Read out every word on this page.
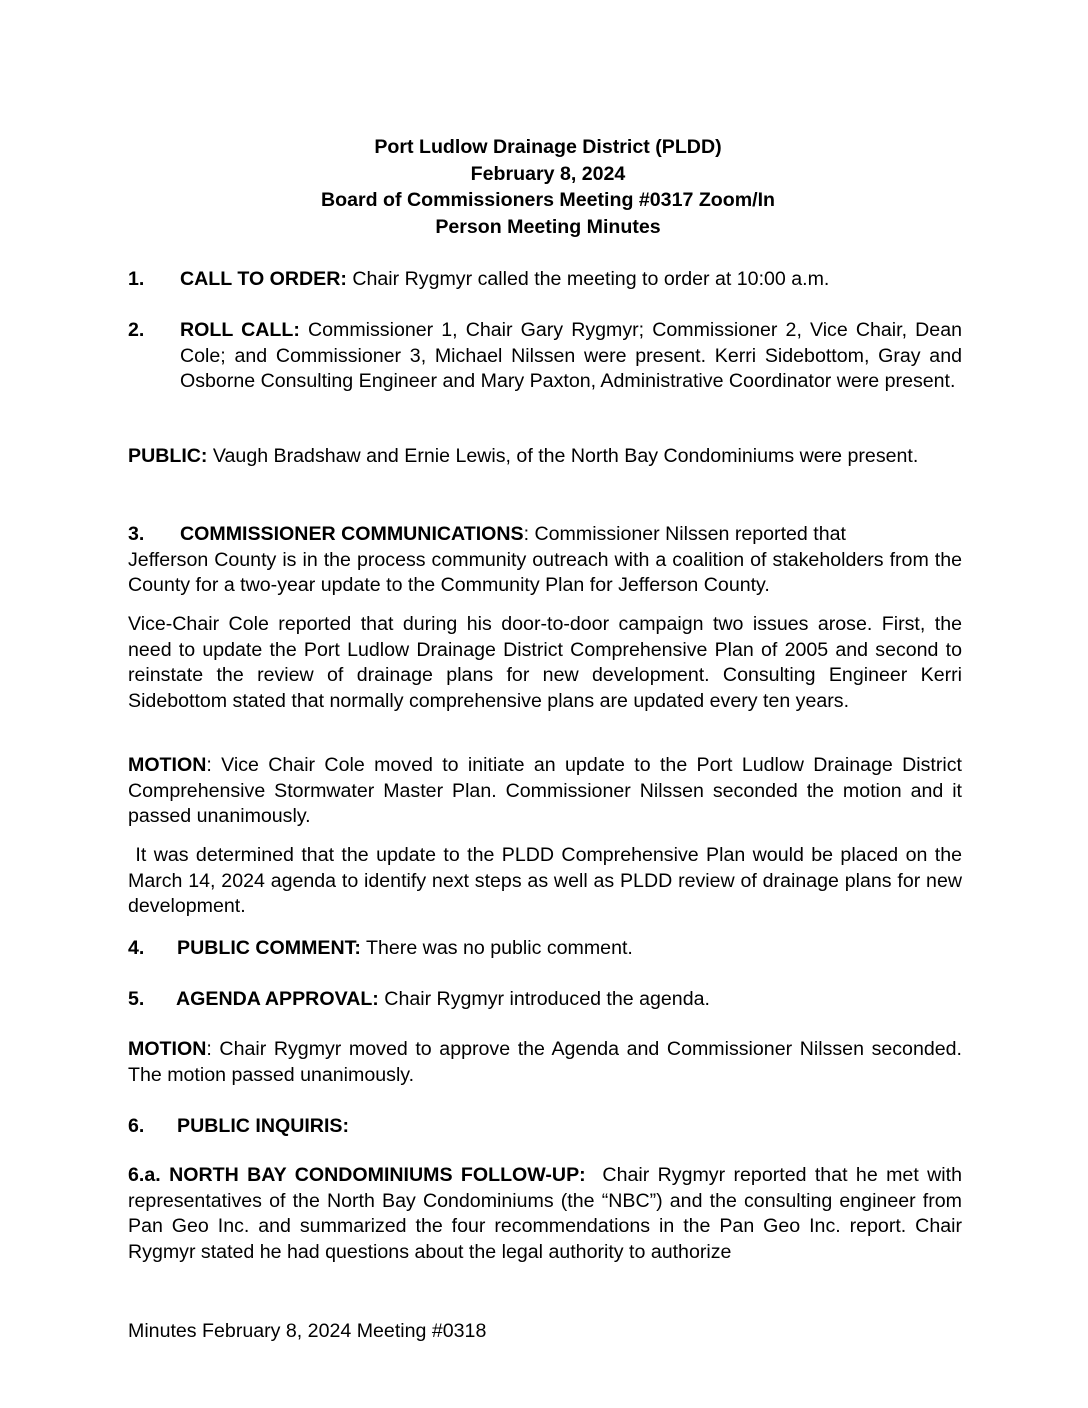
Port Ludlow Drainage District (PLDD)
February 8, 2024
Board of Commissioners Meeting #0317 Zoom/In
Person Meeting Minutes
1.	CALL TO ORDER: Chair Rygmyr called the meeting to order at 10:00 a.m.
2.	ROLL CALL: Commissioner 1, Chair Gary Rygmyr; Commissioner 2, Vice Chair, Dean Cole; and Commissioner 3, Michael Nilssen were present. Kerri Sidebottom, Gray and Osborne Consulting Engineer and Mary Paxton, Administrative Coordinator were present.
PUBLIC: Vaugh Bradshaw and Ernie Lewis, of the North Bay Condominiums were present.
3. COMMISSIONER COMMUNICATIONS: Commissioner Nilssen reported that
Jefferson County is in the process community outreach with a coalition of stakeholders from the County for a two-year update to the Community Plan for Jefferson County.
Vice-Chair Cole reported that during his door-to-door campaign two issues arose. First, the need to update the Port Ludlow Drainage District Comprehensive Plan of 2005 and second to reinstate the review of drainage plans for new development. Consulting Engineer Kerri Sidebottom stated that normally comprehensive plans are updated every ten years.
MOTION: Vice Chair Cole moved to initiate an update to the Port Ludlow Drainage District Comprehensive Stormwater Master Plan. Commissioner Nilssen seconded the motion and it passed unanimously.
It was determined that the update to the PLDD Comprehensive Plan would be placed on the March 14, 2024 agenda to identify next steps as well as PLDD review of drainage plans for new development.
4.	PUBLIC COMMENT: There was no public comment.
5.	AGENDA APPROVAL: Chair Rygmyr introduced the agenda.
MOTION: Chair Rygmyr moved to approve the Agenda and Commissioner Nilssen seconded. The motion passed unanimously.
6.	PUBLIC INQUIRIS:
6.a. NORTH BAY CONDOMINIUMS FOLLOW-UP:  Chair Rygmyr reported that he met with representatives of the North Bay Condominiums (the “NBC”) and the consulting engineer from Pan Geo Inc. and summarized the four recommendations in the Pan Geo Inc. report. Chair Rygmyr stated he had questions about the legal authority to authorize
Minutes February 8, 2024 Meeting #0318
